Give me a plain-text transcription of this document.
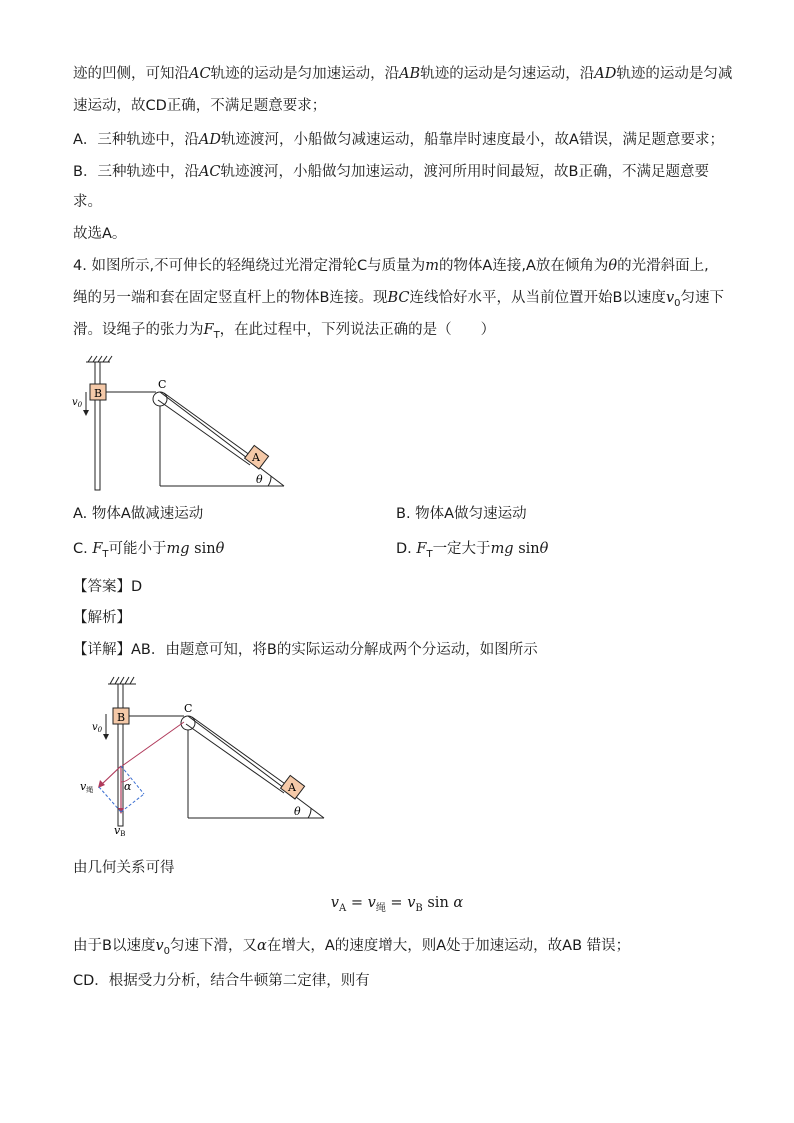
迹的凹侧，可知沿AC轨迹的运动是匀加速运动，沿AB轨迹的运动是匀速运动，沿AD轨迹的运动是匀减
速运动，故CD正确，不满足题意要求；
A．三种轨迹中，沿AD轨迹渡河，小船做匀减速运动，船靠岸时速度最小，故A错误，满足题意要求；
B．三种轨迹中，沿AC轨迹渡河，小船做匀加速运动，渡河所用时间最短，故B正确，不满足题意要
求。
故选A。
4. 如图所示,不可伸长的轻绳绕过光滑定滑轮C与质量为m的物体A连接,A放在倾角为θ的光滑斜面上,
绳的另一端和套在固定竖直杆上的物体B连接。现BC连线恰好水平，从当前位置开始B以速度$v_0$匀速下
滑。设绳子的张力为$F_T$，在此过程中，下列说法正确的是（　　）
B
$v_0$
C
A
θ
A. 物体A做减速运动	B. 物体A做匀速运动
C. $F_T$可能小于mg sinθ	D. $F_T$一定大于mg sinθ
【答案】D
【解析】
【详解】AB．由题意可知，将B的实际运动分解成两个分运动，如图所示
B
$v_0$
C
A
θ
α
v绳
vB
由几何关系可得
$v_A = v_绳 = v_B$ sin α
由于B以速度$v_0$匀速下滑，又α在增大，A的速度增大，则A处于加速运动，故AB 错误；
CD．根据受力分析，结合牛顿第二定律，则有
